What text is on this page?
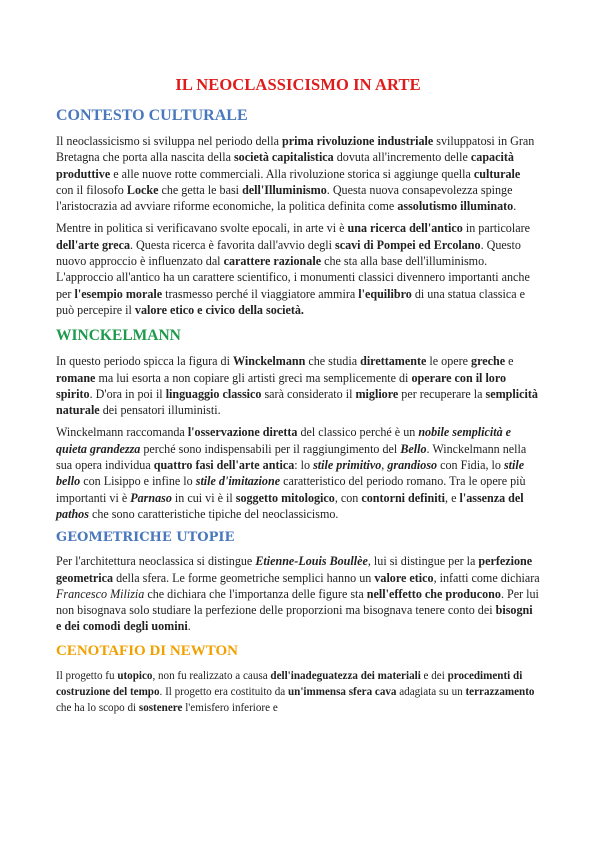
IL NEOCLASSICISMO IN ARTE
CONTESTO CULTURALE

Il neoclassicismo si sviluppa nel periodo della prima rivoluzione industriale sviluppatosi in Gran Bretagna che porta alla nascita della società capitalistica dovuta all'incremento delle capacità produttive e alle nuove rotte commerciali. Alla rivoluzione storica si aggiunge quella culturale con il filosofo Locke che getta le basi dell'Illuminismo. Questa nuova consapevolezza spinge l'aristocrazia ad avviare riforme economiche, la politica definita come assolutismo illuminato.

Mentre in politica si verificavano svolte epocali, in arte vi è una ricerca dell'antico in particolare dell'arte greca. Questa ricerca è favorita dall'avvio degli scavi di Pompei ed Ercolano. Questo nuovo approccio è influenzato dal carattere razionale che sta alla base dell'illuminismo. L'approccio all'antico ha un carattere scientifico, i monumenti classici divennero importanti anche per l'esempio morale trasmesso perché il viaggiatore ammira l'equilibro di una statua classica e può percepire il valore etico e civico della società.

WINCKELMANN

In questo periodo spicca la figura di Winckelmann che studia direttamente le opere greche e romane ma lui esorta a non copiare gli artisti greci ma semplicemente di operare con il loro spirito. D'ora in poi il linguaggio classico sarà considerato il migliore per recuperare la semplicità naturale dei pensatori illuministi.

Winckelmann raccomanda l'osservazione diretta del classico perché è un nobile semplicità e quieta grandezza perché sono indispensabili per il raggiungimento del Bello. Winckelmann nella sua opera individua quattro fasi dell'arte antica: lo stile primitivo, grandioso con Fidia, lo stile bello con Lisippo e infine lo stile d'imitazione caratteristico del periodo romano. Tra le opere più importanti vi è Parnaso in cui vi è il soggetto mitologico, con contorni definiti, e l'assenza del pathos che sono caratteristiche tipiche del neoclassicismo.

GEOMETRICHE UTOPIE

Per l'architettura neoclassica si distingue Etienne-Louis Boullèe, lui si distingue per la perfezione geometrica della sfera. Le forme geometriche semplici hanno un valore etico, infatti come dichiara Francesco Milizia che dichiara che l'importanza delle figure sta nell'effetto che producono. Per lui non bisognava solo studiare la perfezione delle proporzioni ma bisognava tenere conto dei bisogni e dei comodi degli uomini.

CENOTAFIO DI NEWTON

Il progetto fu utopico, non fu realizzato a causa dell'inadeguatezza dei materiali e dei procedimenti di costruzione del tempo. Il progetto era costituito da un'immensa sfera cava adagiata su un terrazzamento che ha lo scopo di sostenere l'emisfero inferiore e
